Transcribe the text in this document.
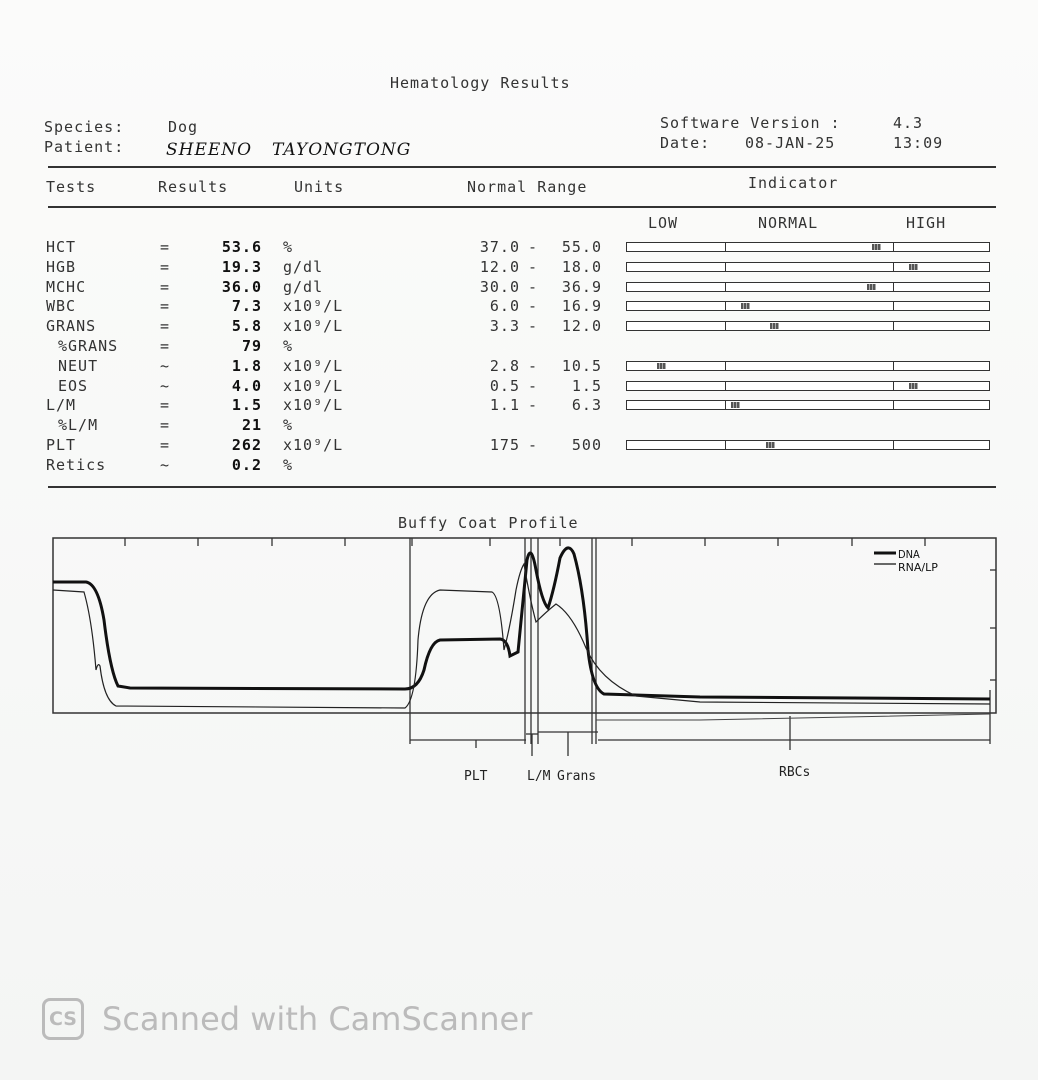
Hematology Results
Species:	Dog
Patient: SHEENO TAYONGTONG
Software Version :	4.3
Date: 08-JAN-25	13:09
Tests	Results	Units	Normal Range	Indicator
LOW	NORMAL	HIGH
HCT	=	53.6 %	37.0 -	55.0
HGB	=	19.3 g/dl	12.0 -	18.0
MCHC	=	36.0 g/dl	30.0 -	36.9
WBC	=	7.3 x10⁹/L	6.0 -	16.9
GRANS	=	5.8 x10⁹/L	3.3 -	12.0
%GRANS	=	79 %
NEUT	~	1.8 x10⁹/L	2.8 -	10.5
EOS	~	4.0 x10⁹/L	0.5 -	1.5
L/M	=	1.5 x10⁹/L	1.1 -	6.3
%L/M	=	21 %
PLT	=	262 x10⁹/L	175 -	500
Retics	~	0.2 %
Buffy Coat Profile
DNA
RNA/LP
PLT	L/M Grans	RBCs
CS Scanned with CamScanner
